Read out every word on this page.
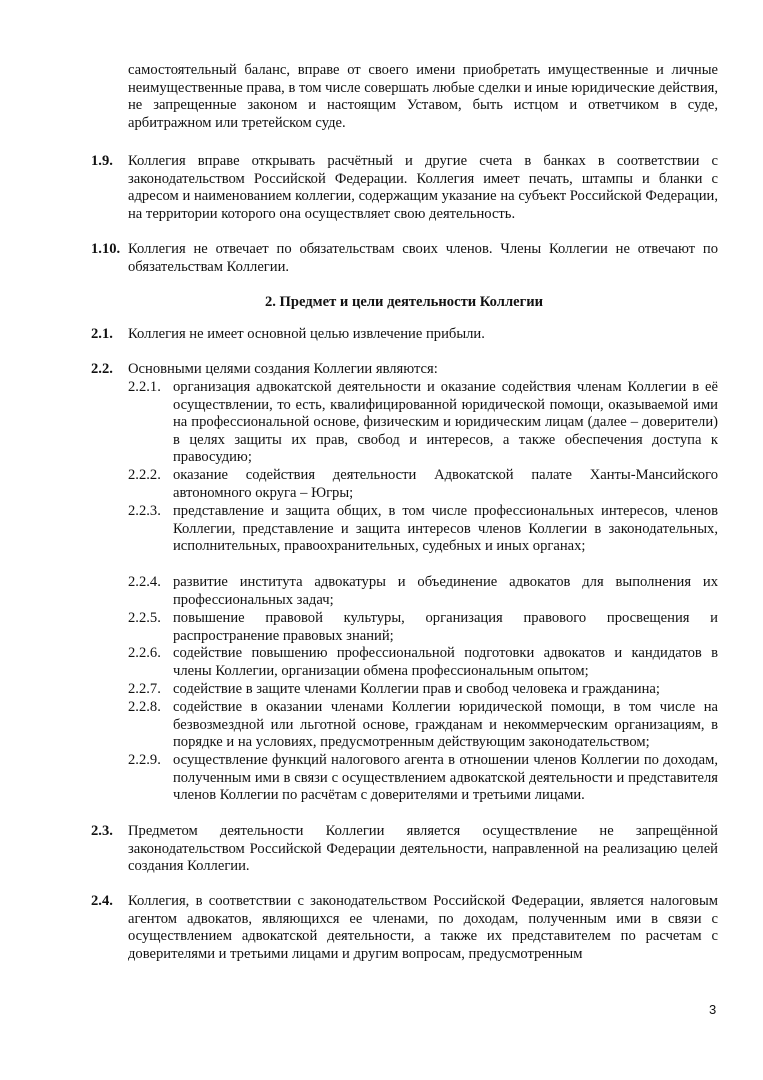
самостоятельный баланс, вправе от своего имени приобретать имущественные и личные неимущественные права, в том числе совершать любые сделки и иные юридические действия, не запрещенные законом и настоящим Уставом, быть истцом и ответчиком в суде, арбитражном или третейском суде.

1.9. Коллегия вправе открывать расчётный и другие счета в банках в соответствии с законодательством Российской Федерации. Коллегия имеет печать, штампы и бланки с адресом и наименованием коллегии, содержащим указание на субъект Российской Федерации, на территории которого она осуществляет свою деятельность.

1.10. Коллегия не отвечает по обязательствам своих членов. Члены Коллегии не отвечают по обязательствам Коллегии.

2. Предмет и цели деятельности Коллегии
2.1. Коллегия не имеет основной целью извлечение прибыли.

2.2. Основными целями создания Коллегии являются:

2.2.1. организация адвокатской деятельности и оказание содействия членам Коллегии в её осуществлении, то есть, квалифицированной юридической помощи, оказываемой ими на профессиональной основе, физическим и юридическим лицам (далее – доверители) в целях защиты их прав, свобод и интересов, а также обеспечения доступа к правосудию;
2.2.2. оказание содействия деятельности Адвокатской палате Ханты-Мансийского автономного округа – Югры;
2.2.3. представление и защита общих, в том числе профессиональных интересов, членов Коллегии, представление и защита интересов членов Коллегии в законодательных, исполнительных, правоохранительных, судебных и иных органах;
2.2.4. развитие института адвокатуры и объединение адвокатов для выполнения их профессиональных задач;
2.2.5. повышение правовой культуры, организация правового просвещения и распространение правовых знаний;
2.2.6. содействие повышению профессиональной подготовки адвокатов и кандидатов в члены Коллегии, организации обмена профессиональным опытом;
2.2.7. содействие в защите членами Коллегии прав и свобод человека и гражданина;
2.2.8. содействие в оказании членами Коллегии юридической помощи, в том числе на безвозмездной или льготной основе, гражданам и некоммерческим организациям, в порядке и на условиях, предусмотренным действующим законодательством;
2.2.9. осуществление функций налогового агента в отношении членов Коллегии по доходам, полученным ими в связи с осуществлением адвокатской деятельности и представителя членов Коллегии по расчётам с доверителями и третьими лицами.
2.3. Предметом деятельности Коллегии является осуществление не запрещённой законодательством Российской Федерации деятельности, направленной на реализацию целей создания Коллегии.

2.4. Коллегия, в соответствии с законодательством Российской Федерации, является налоговым агентом адвокатов, являющихся ее членами, по доходам, полученным ими в связи с осуществлением адвокатской деятельности, а также их представителем по расчетам с доверителями и третьими лицами и другим вопросам, предусмотренным

3
